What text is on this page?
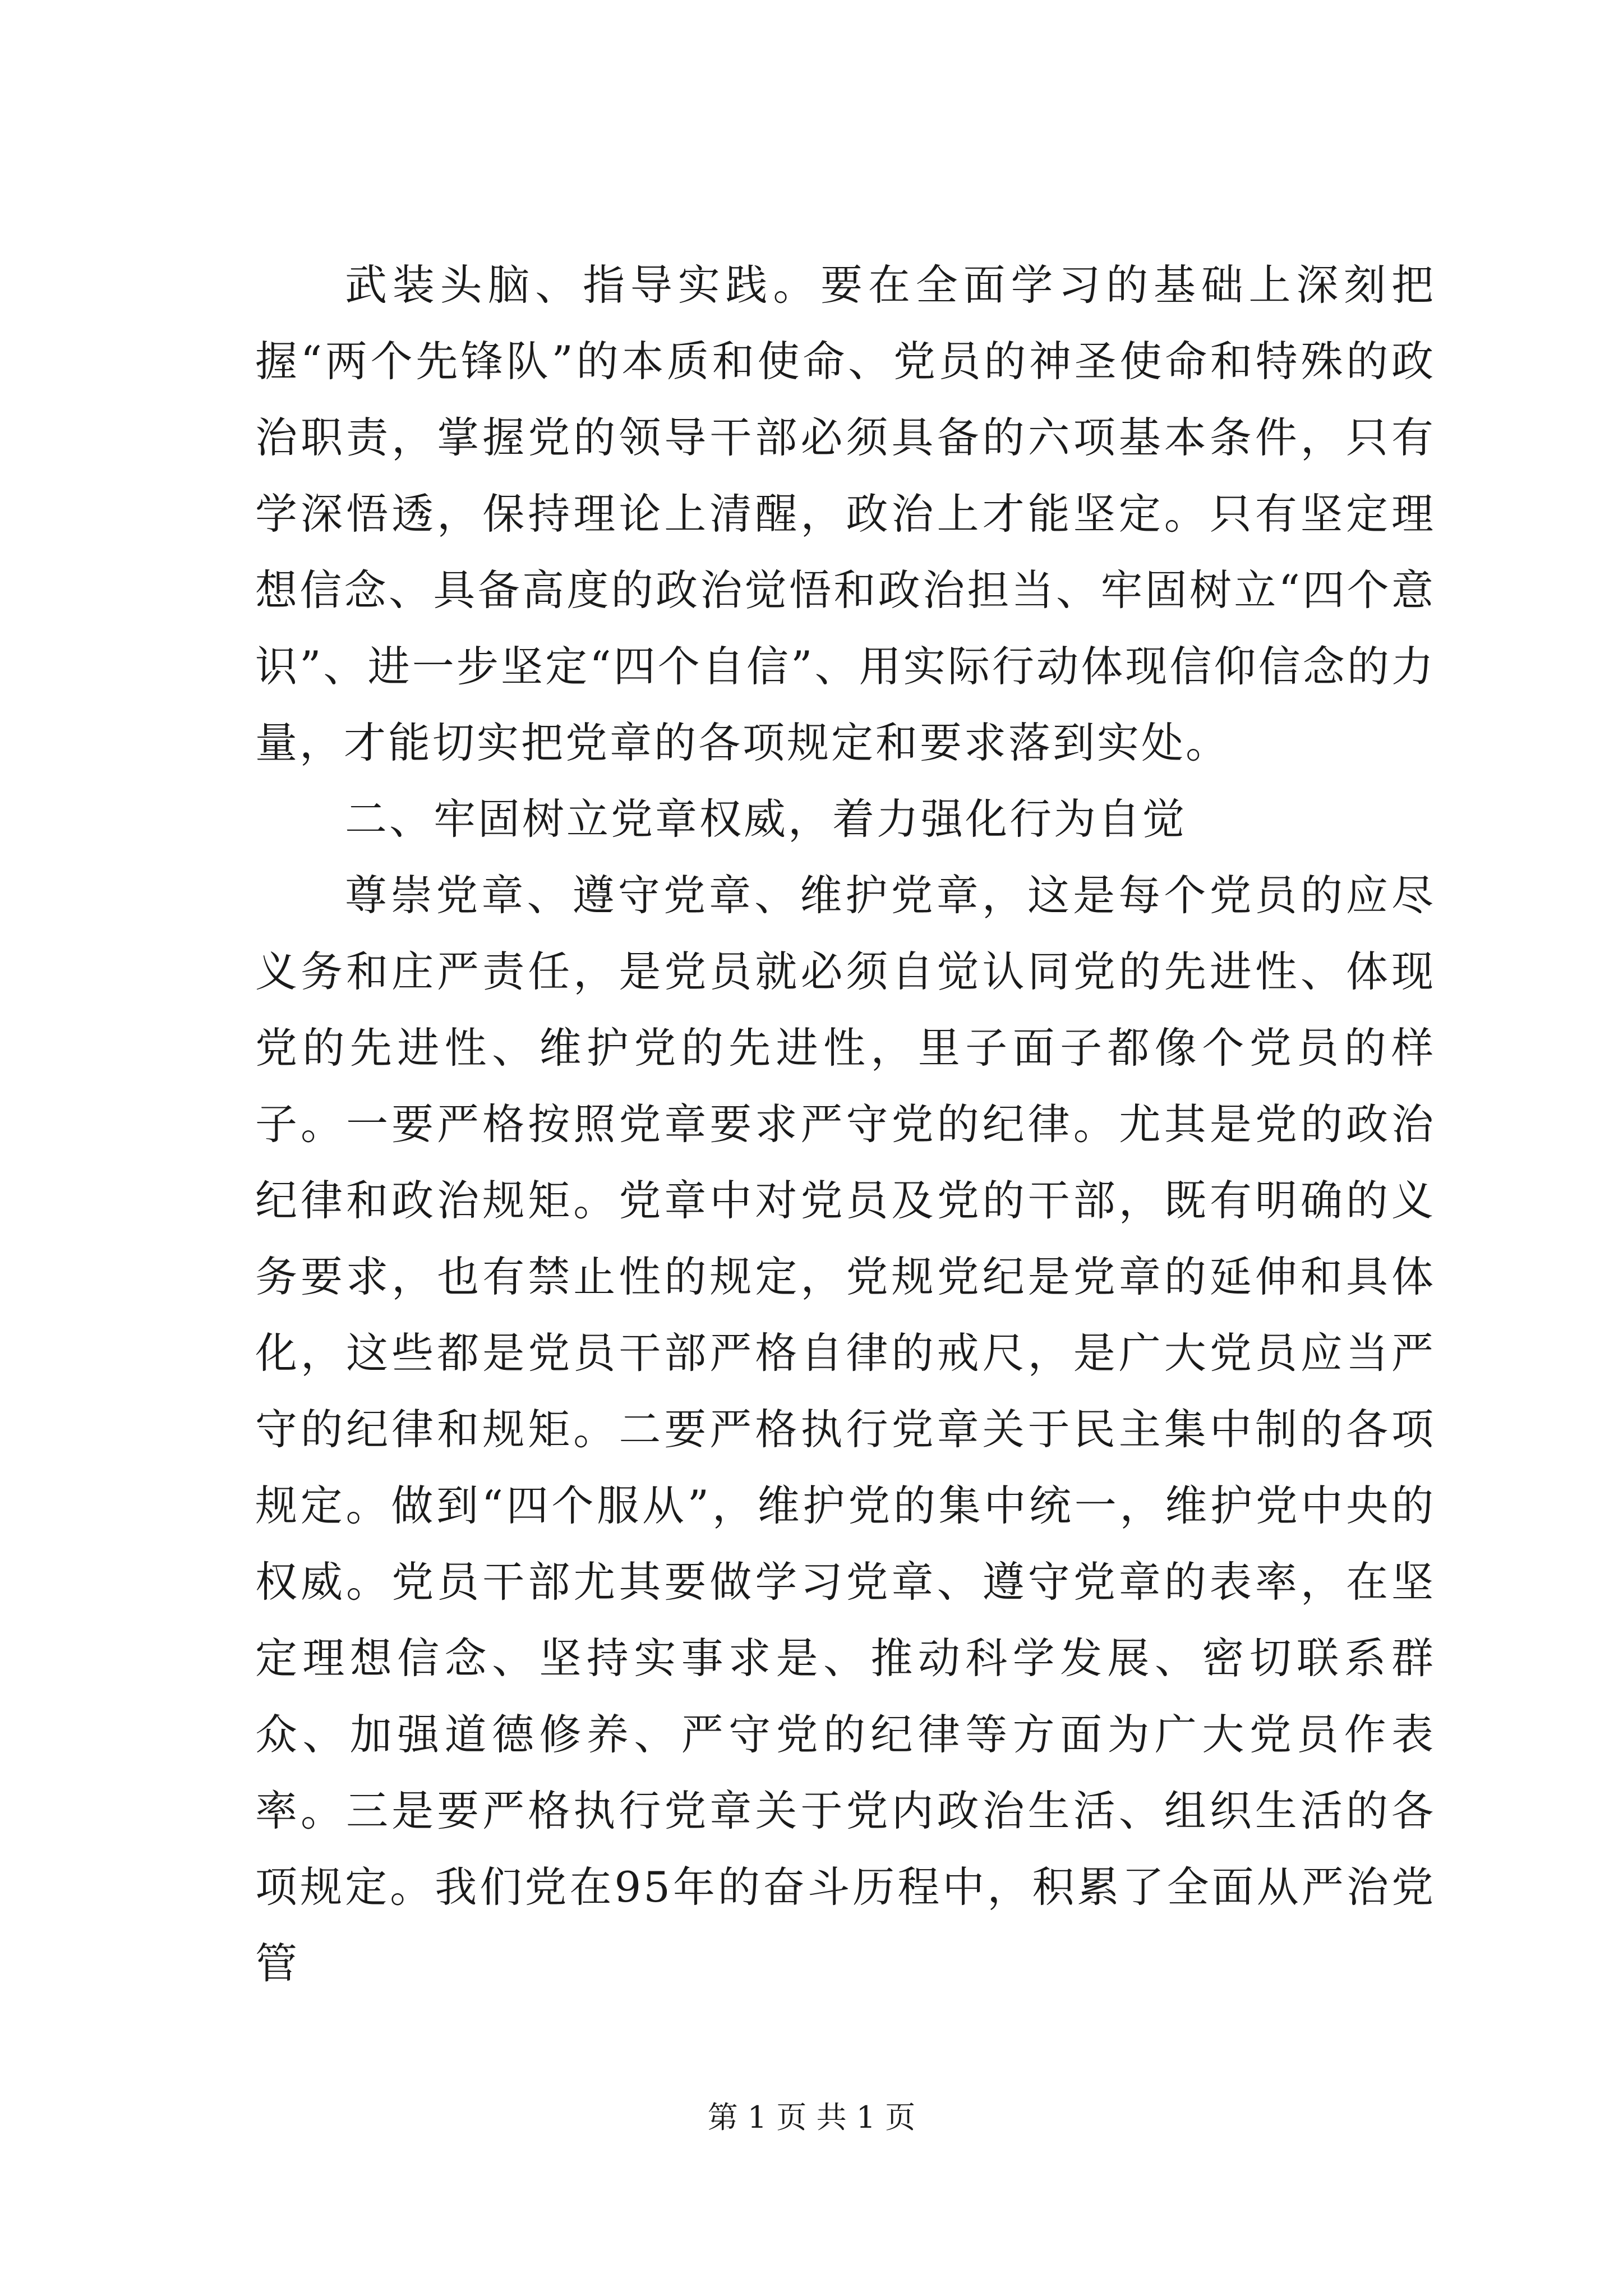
武装头脑、指导实践。要在全面学习的基础上深刻把握“两个先锋队”的本质和使命、党员的神圣使命和特殊的政治职责，掌握党的领导干部必须具备的六项基本条件，只有学深悟透，保持理论上清醒，政治上才能坚定。只有坚定理想信念、具备高度的政治觉悟和政治担当、牢固树立“四个意识”、进一步坚定“四个自信”、用实际行动体现信仰信念的力量，才能切实把党章的各项规定和要求落到实处。

二、牢固树立党章权威，着力强化行为自觉

尊崇党章、遵守党章、维护党章，这是每个党员的应尽义务和庄严责任，是党员就必须自觉认同党的先进性、体现党的先进性、维护党的先进性，里子面子都像个党员的样子。一要严格按照党章要求严守党的纪律。尤其是党的政治纪律和政治规矩。党章中对党员及党的干部，既有明确的义务要求，也有禁止性的规定，党规党纪是党章的延伸和具体化，这些都是党员干部严格自律的戒尺，是广大党员应当严守的纪律和规矩。二要严格执行党章关于民主集中制的各项规定。做到“四个服从”，维护党的集中统一，维护党中央的权威。党员干部尤其要做学习党章、遵守党章的表率，在坚定理想信念、坚持实事求是、推动科学发展、密切联系群众、加强道德修养、严守党的纪律等方面为广大党员作表率。三是要严格执行党章关于党内政治生活、组织生活的各项规定。我们党在95年的奋斗历程中，积累了全面从严治党管

第 1 页 共 1 页
